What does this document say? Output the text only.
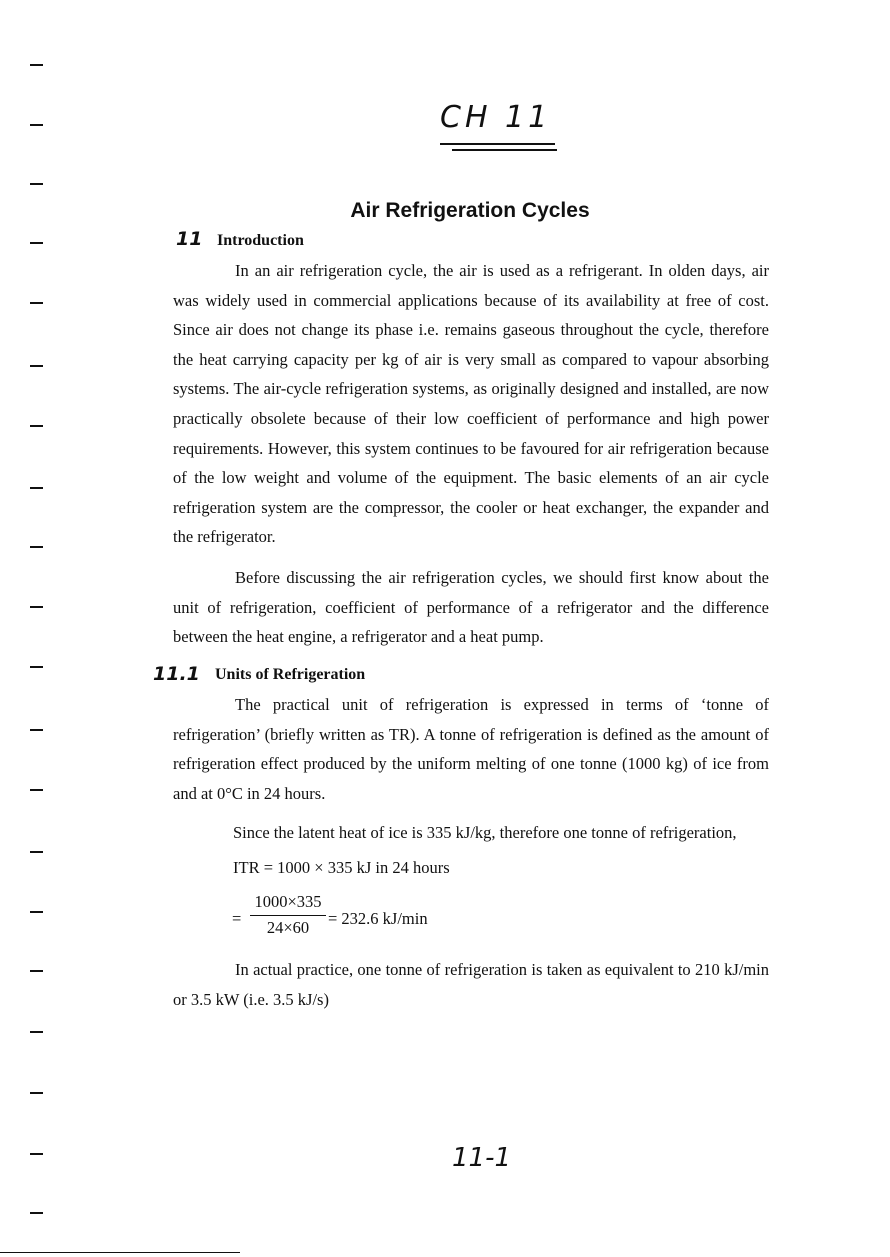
CH 11
Air Refrigeration Cycles
11 Introduction

In an air refrigeration cycle, the air is used as a refrigerant. In olden days, air was widely used in commercial applications because of its availability at free of cost. Since air does not change its phase i.e. remains gaseous throughout the cycle, therefore the heat carrying capacity per kg of air is very small as compared to vapour absorbing systems. The air-cycle refrigeration systems, as originally designed and installed, are now practically obsolete because of their low coefficient of performance and high power requirements. However, this system continues to be favoured for air refrigeration because of the low weight and volume of the equipment. The basic elements of an air cycle refrigeration system are the compressor, the cooler or heat exchanger, the expander and the refrigerator.

Before discussing the air refrigeration cycles, we should first know about the unit of refrigeration, coefficient of performance of a refrigerator and the difference between the heat engine, a refrigerator and a heat pump.

11.1 Units of Refrigeration

The practical unit of refrigeration is expressed in terms of ‘tonne of refrigeration’ (briefly written as TR). A tonne of refrigeration is defined as the amount of refrigeration effect produced by the uniform melting of one tonne (1000 kg) of ice from and at 0°C in 24 hours.

Since the latent heat of ice is 335 kJ/kg, therefore one tonne of refrigeration,
ITR = 1000 × 335 kJ in 24 hours
=
1000×335
24×60	= 232.6 kJ/min

In actual practice, one tonne of refrigeration is taken as equivalent to 210 kJ/min or 3.5 kW (i.e. 3.5 kJ/s)

11-1
